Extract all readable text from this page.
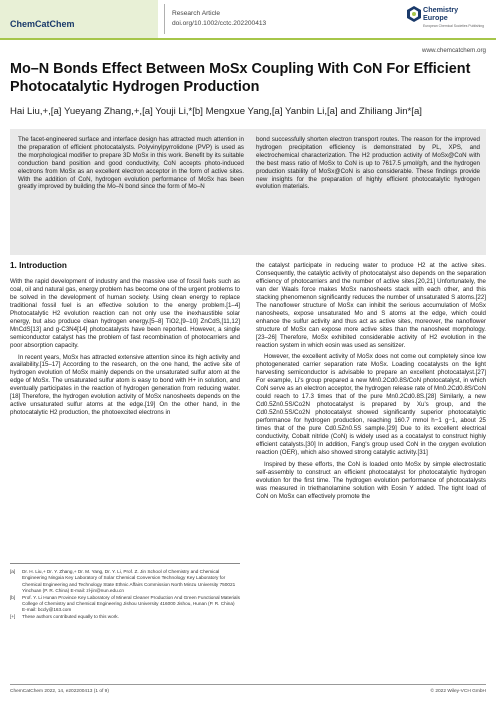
ChemCatChem
Research Article
doi.org/10.1002/cctc.202200413
Chemistry
Europe
European Chemical Societies Publishing
www.chemcatchem.org
Mo–N Bonds Effect Between MoSx Coupling With CoN For Efficient Photocatalytic Hydrogen Production
Hai Liu,+,[a] Yueyang Zhang,+,[a] Youji Li,*[b] Mengxue Yang,[a] Yanbin Li,[a] and Zhiliang Jin*[a]
The facet-engineered surface and interface design has attracted much attention in the preparation of efficient photocatalysts. Polyvinylpyrrolidone (PVP) is used as the morphological modifier to prepare 3D MoSx in this work. Benefit by its suitable conduction band position and good conductivity, CoN accepts photo-induced electrons from MoSx as an excellent electron acceptor in the form of active sites. With the addition of CoN, hydrogen evolution performance of MoSx has been greatly improved by building the Mo–N bond since the form of Mo–N
bond successfully shorten electron transport routes. The reason for the improved hydrogen precipitation efficiency is demonstrated by PL, XPS, and electrochemical characterization. The H2 production activity of MoSx@CoN with the best mass ratio of MoSx to CoN is up to 7617.5 μmol/g/h, and the hydrogen production stability of MoSx@CoN is also considerable. These findings provide new insights for the preparation of highly efficient photocatalytic hydrogen evolution materials.
1. Introduction

With the rapid development of industry and the massive use of fossil fuels such as coal, oil and natural gas, energy problem has become one of the urgent problems to be solved in the development of human society. Using clean energy to replace traditional fossil fuel is an effective solution to the energy problem.[1–4] Photocatalytic H2 evolution reaction can not only use the inexhaustible solar energy, but also produce clean hydrogen energy.[5–8] TiO2,[9–10] ZnCdS,[11,12] MnCdS[13] and g-C3N4[14] photocatalysts have been reported. However, a single semiconductor catalyst has the problem of fast recombination of photocarriers and poor absorption capacity.

In recent years, MoSx has attracted extensive attention since its high activity and availability.[15–17] According to the research, on the one hand, the active site of hydrogen evolution of MoSx mainly depends on the unsaturated sulfur atom at the edge of MoSx. The unsaturated sulfur atom is easy to bond with H+ in solution, and eventually participates in the reaction of hydrogen generation from reducing water.[18] Therefore, the hydrogen evolution activity of MoSx nanosheets depends on the active unsaturated sulfur atoms at the edge.[19] On the other hand, in the photocatalytic H2 production, the photoexcited electrons in

the catalyst participate in reducing water to produce H2 at the active sites. Consequently, the catalytic activity of photocatalyst also depends on the separation efficiency of photocarriers and the number of active sites.[20,21] Unfortunately, the van der Waals force makes MoSx nanosheets stack with each other, and this stacking phenomenon significantly reduces the number of unsaturated S atoms.[22] The nanoflower structure of MoSx can inhibit the serious accumulation of MoSx nanosheets, expose unsaturated Mo and S atoms at the edge, which could enhance the sulfur activity and thus act as active sites, moreover, the nanoflower structure of MoSx can expose more active sites than the nanosheet morphology.[23–26] Therefore, MoSx exhibited considerable activity of H2 evolution in the reaction system in which eosin was used as sensitizer.

However, the excellent activity of MoSx does not come out completely since low photogenerated carrier separation rate MoSx. Loading cocatalysts on the light harvesting semiconductor is advisable to prepare an excellent photocatalyst.[27] For example, Li's group prepared a new Mn0.2Cd0.8S/CoN photocatalyst, in which CoN serve as an electron acceptor, the hydrogen release rate of Mn0.2Cd0.8S/CoN could reach to 17.3 times that of the pure Mn0.2Cd0.8S.[28] Similarly, a new Cd0.5Zn0.5S/Co2N photocatalyst is prepared by Xu's group, and the Cd0.5Zn0.5S/Co2N photocatalyst showed significantly superior photocatalytic performance for hydrogen production, reaching 160.7 mmol h−1 g−1, about 25 times that of the pure Cd0.5Zn0.5S sample.[29] Due to its excellent electrical conductivity, Cobalt nitride (CoN) is widely used as a cocatalyst to construct highly efficient catalysts.[30] In addition, Fang's group used CoN in the oxygen evolution reaction (OER), which also showed strong catalytic activity.[31]

Inspired by these efforts, the CoN is loaded onto MoSx by simple electrostatic self-assembly to construct an efficient photocatalyst for photocatalytic hydrogen evolution for the first time. The hydrogen evolution performance of photocatalysts was measured in triethanolamine solution with Eosin Y added. The tight load of CoN on MoSx can effectively promote the

[a]	Dr. H. Liu,+ Dr. Y. Zhang,+ Dr. M. Yang, Dr. Y. Li, Prof. Z. Jin School of Chemistry and Chemical Engineering Ningxia Key Laboratory of Solar Chemical Conversion Technology Key Laboratory for Chemical Engineering and Technology State Ethnic Affairs Commission North Minzu University 750021 Yinchuan (P. R. China) E-mail: zl-jin@nun.edu.cn
[b]	Prof. Y. Li Hunan Province Key Laboratory of Mineral Cleaner Production And Green Functional Materials College of Chemistry and Chemical Engineering Jishou University 416000 Jishou, Hunan (P. R. China) E-mail: bccly@163.com
[+]	These authors contributed equally to this work.
ChemCatChem 2022, 14, e202200413 (1 of 9)	© 2022 Wiley-VCH GmbH
